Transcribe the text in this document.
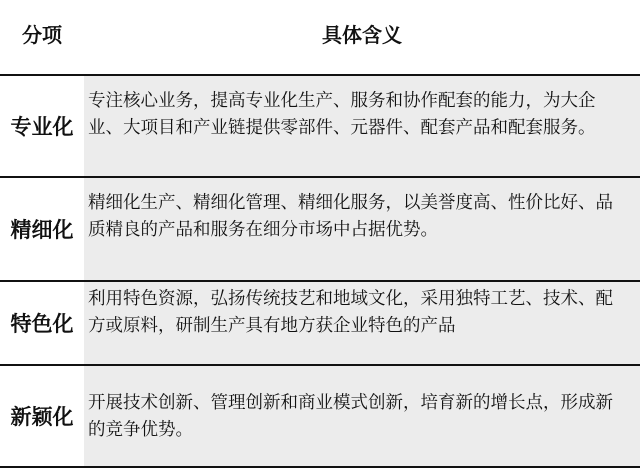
分项	具体含义
专业化
专注核心业务，提高专业化生产、服务和协作配套的能力，为大企业、大项目和产业链提供零部件、元器件、配套产品和配套服务。
精细化
精细化生产、精细化管理、精细化服务，以美誉度高、性价比好、品质精良的产品和服务在细分市场中占据优势。
特色化
利用特色资源，弘扬传统技艺和地域文化，采用独特工艺、技术、配方或原料，研制生产具有地方获企业特色的产品
新颖化
开展技术创新、管理创新和商业模式创新，培育新的增长点，形成新的竞争优势。
